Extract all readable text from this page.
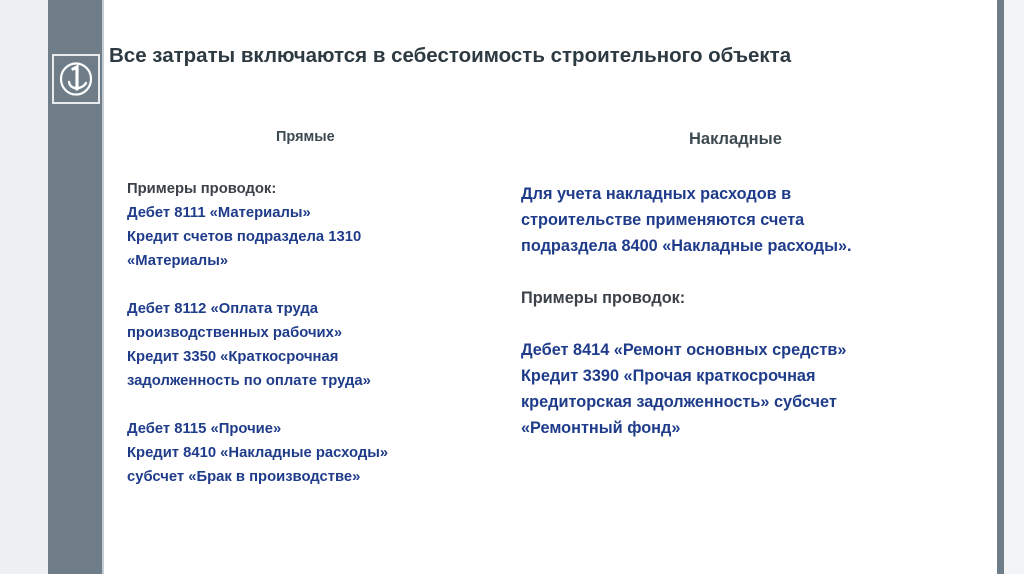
Все затраты включаются в себестоимость строительного объекта
Прямые	Накладные
Примеры проводок:
Дебет 8111 «Материалы»
Кредит счетов подраздела 1310
«Материалы»
Дебет 8112 «Оплата труда
производственных рабочих»
Кредит 3350 «Краткосрочная
задолженность по оплате труда»
Дебет 8115 «Прочие»
Кредит 8410 «Накладные расходы»
субсчет «Брак в производстве»
Для учета накладных расходов в
строительстве применяются счета
подраздела 8400 «Накладные расходы».
Примеры проводок:
Дебет 8414 «Ремонт основных средств»
Кредит 3390 «Прочая краткосрочная
кредиторская задолженность» субсчет
«Ремонтный фонд»
